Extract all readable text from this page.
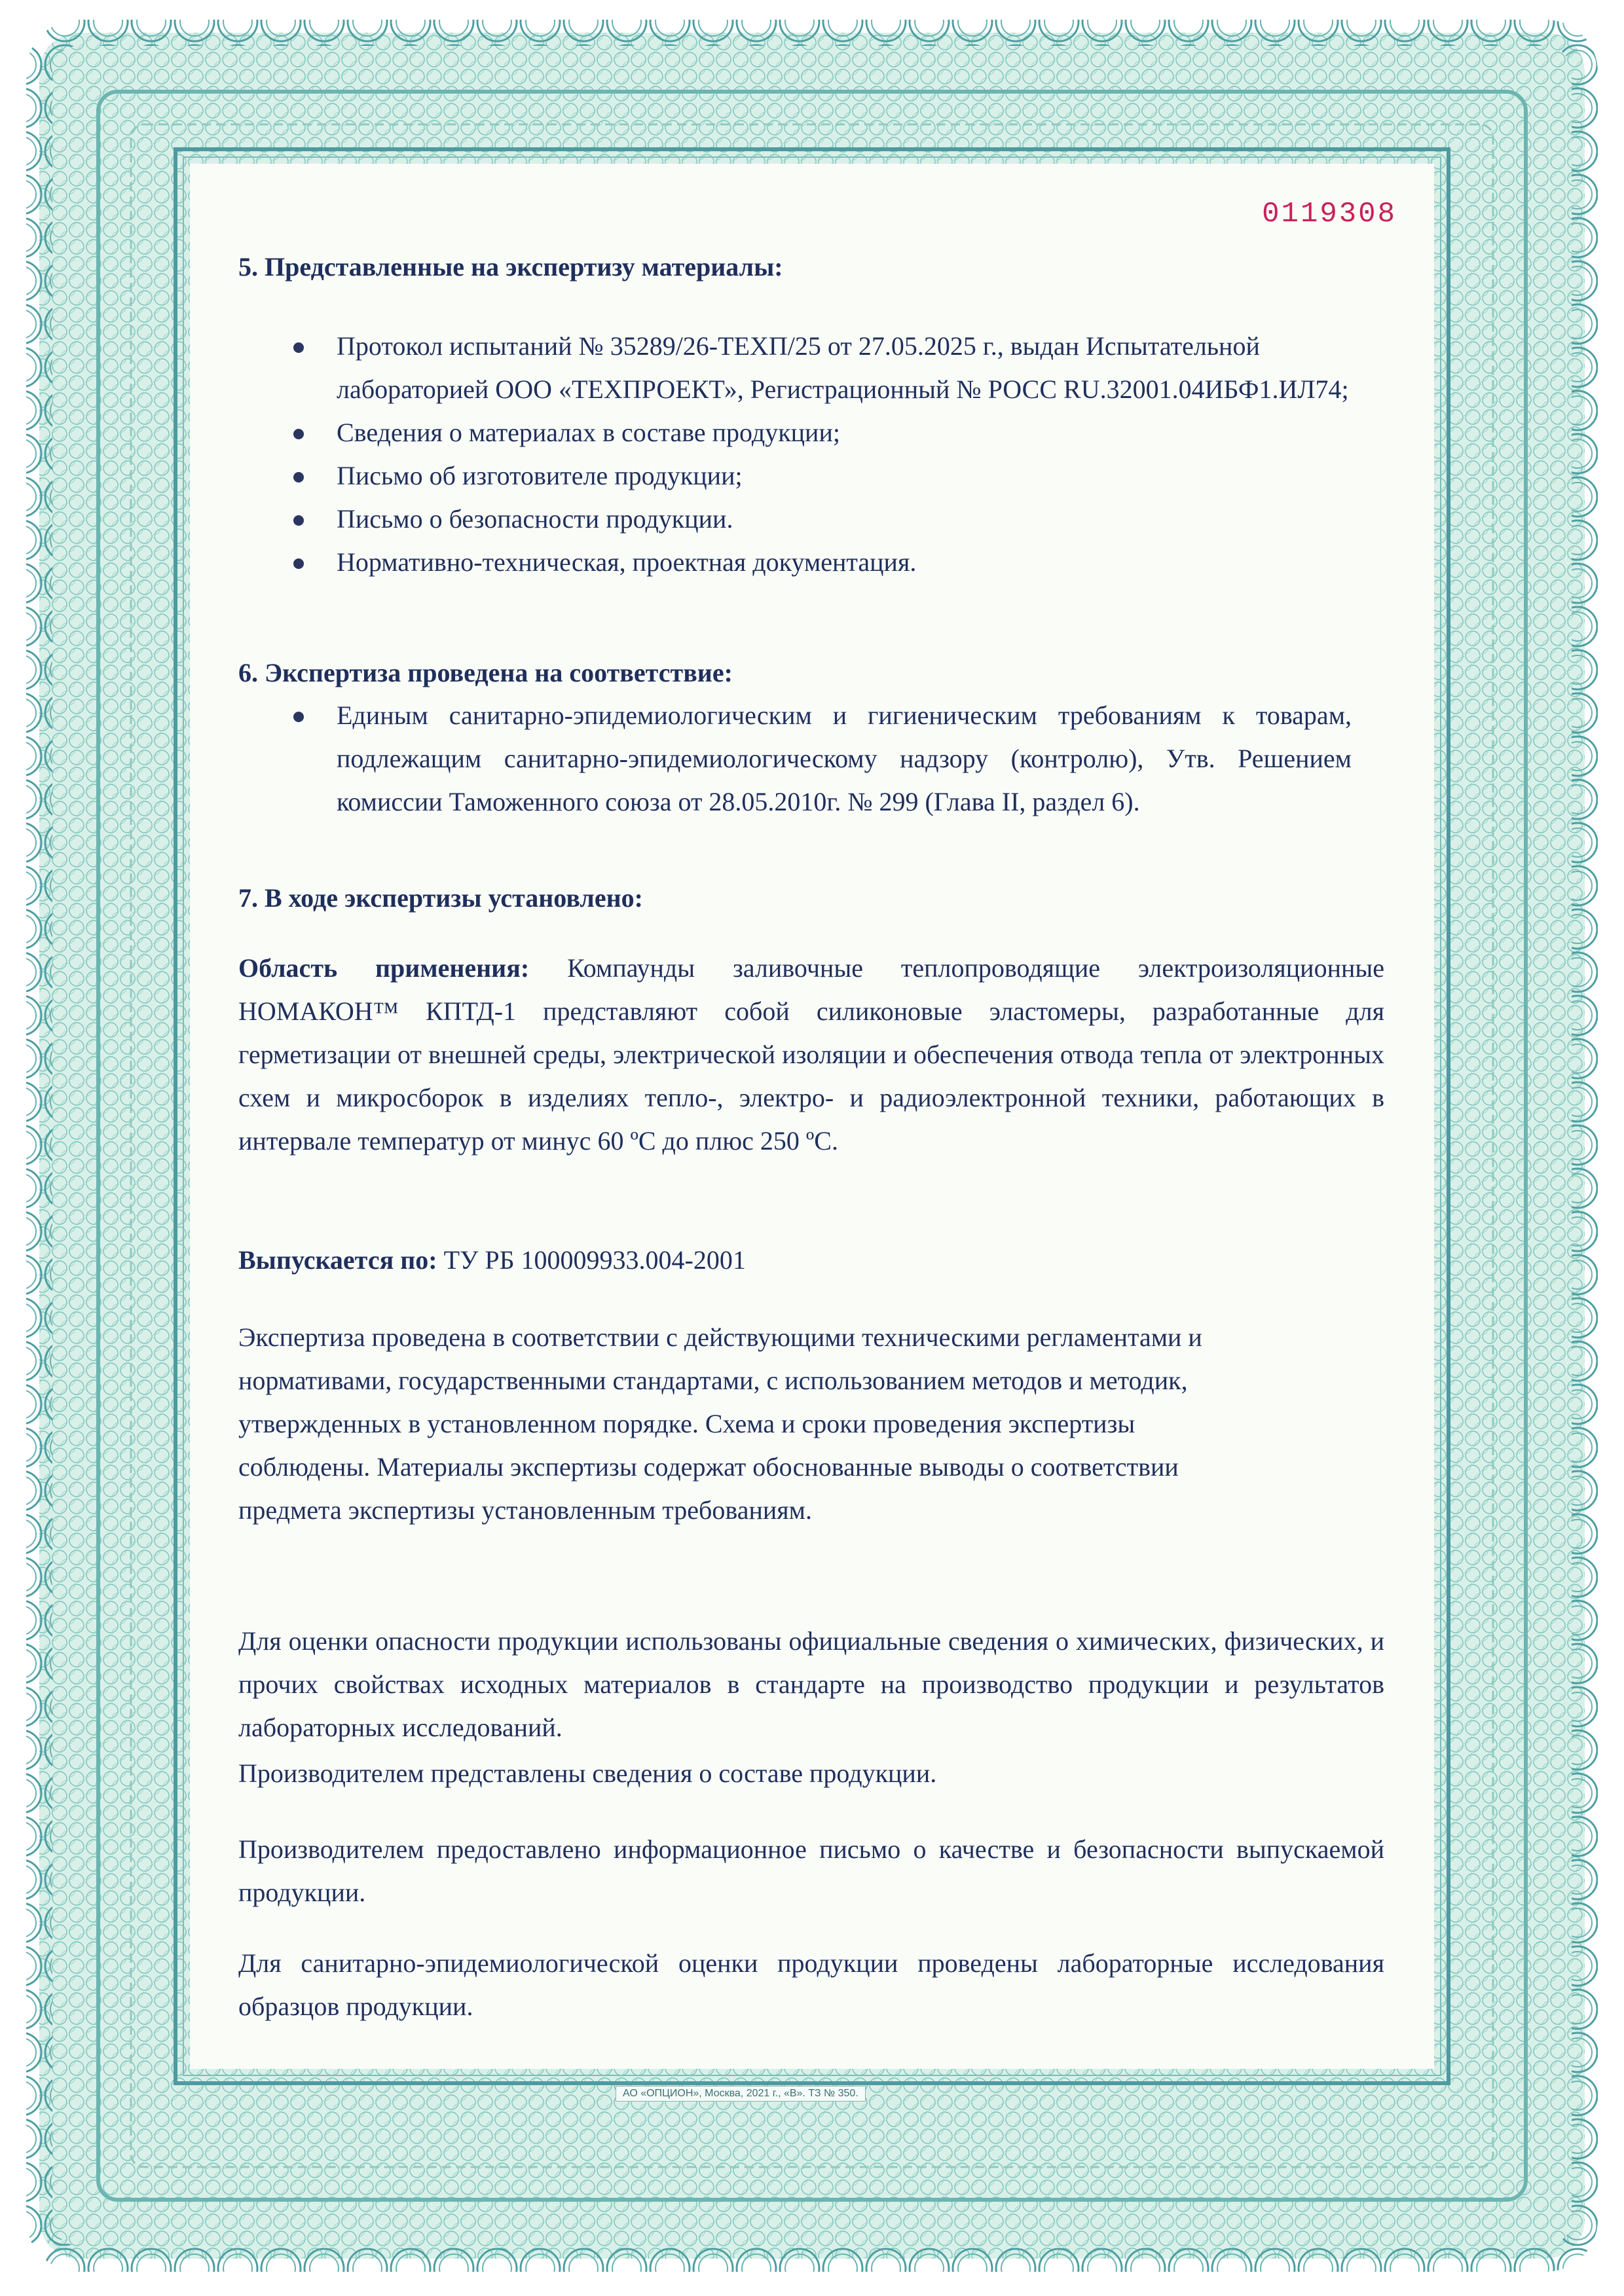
0119308
5. Представленные на экспертизу материалы:
Протокол испытаний № 35289/26-ТЕХП/25 от 27.05.2025 г., выдан Испытательной лабораторией ООО «ТЕХПРОЕКТ», Регистрационный № РОСС RU.32001.04ИБФ1.ИЛ74;
Сведения о материалах в составе продукции;
Письмо об изготовителе продукции;
Письмо о безопасности продукции.
Нормативно-техническая, проектная документация.
6. Экспертиза проведена на соответствие:
Единым санитарно-эпидемиологическим и гигиеническим требованиям к товарам, подлежащим санитарно-эпидемиологическому надзору (контролю), Утв. Решением комиссии Таможенного союза от 28.05.2010г. № 299 (Глава II, раздел 6).
7. В ходе экспертизы установлено:

Область применения: Компаунды заливочные теплопроводящие электроизоляционные НОМАКОН™ КПТД-1 представляют собой силиконовые эластомеры, разработанные для герметизации от внешней среды, электрической изоляции и обеспечения отвода тепла от электронных схем и микросборок в изделиях тепло-, электро- и радиоэлектронной техники, работающих в интервале температур от минус 60 ºС до плюс 250 ºС.

Выпускается по: ТУ РБ 100009933.004-2001

Экспертиза проведена в соответствии с действующими техническими регламентами и нормативами, государственными стандартами, с использованием методов и методик, утвержденных в установленном порядке. Схема и сроки проведения экспертизы соблюдены. Материалы экспертизы содержат обоснованные выводы о соответствии предмета экспертизы установленным требованиям.

Для оценки опасности продукции использованы официальные сведения о химических, физических, и прочих свойствах исходных материалов в стандарте на производство продукции и результатов лабораторных исследований.

Производителем представлены сведения о составе продукции.

Производителем предоставлено информационное письмо о качестве и безопасности выпускаемой продукции.

Для санитарно-эпидемиологической оценки продукции проведены лабораторные исследования образцов продукции.

АО «ОПЦИОН», Москва, 2021 г., «В». ТЗ № 350.
